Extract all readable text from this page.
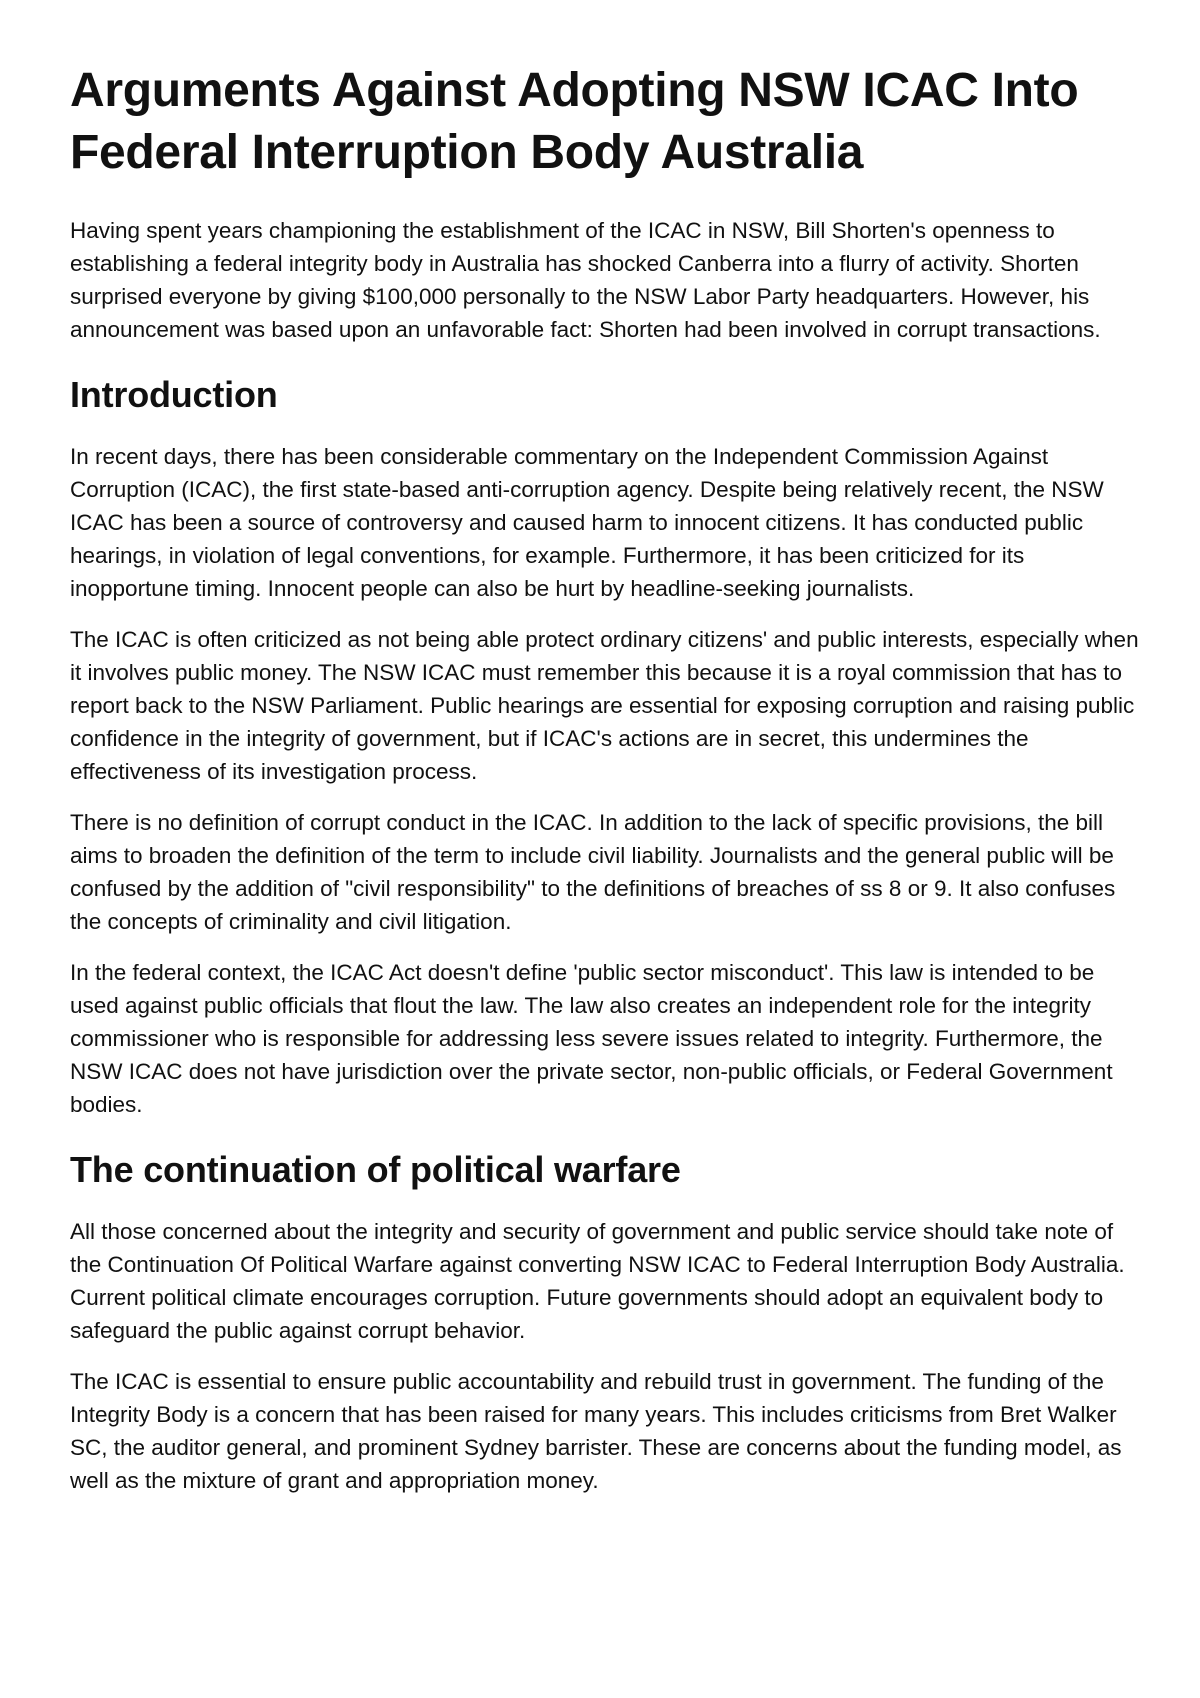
Arguments Against Adopting NSW ICAC Into Federal Interruption Body Australia

Having spent years championing the establishment of the ICAC in NSW, Bill Shorten's openness to establishing a federal integrity body in Australia has shocked Canberra into a flurry of activity. Shorten surprised everyone by giving $100,000 personally to the NSW Labor Party headquarters. However, his announcement was based upon an unfavorable fact: Shorten had been involved in corrupt transactions.

Introduction

In recent days, there has been considerable commentary on the Independent Commission Against Corruption (ICAC), the first state-based anti-corruption agency. Despite being relatively recent, the NSW ICAC has been a source of controversy and caused harm to innocent citizens. It has conducted public hearings, in violation of legal conventions, for example. Furthermore, it has been criticized for its inopportune timing. Innocent people can also be hurt by headline-seeking journalists.

The ICAC is often criticized as not being able protect ordinary citizens' and public interests, especially when it involves public money. The NSW ICAC must remember this because it is a royal commission that has to report back to the NSW Parliament. Public hearings are essential for exposing corruption and raising public confidence in the integrity of government, but if ICAC's actions are in secret, this undermines the effectiveness of its investigation process.

There is no definition of corrupt conduct in the ICAC. In addition to the lack of specific provisions, the bill aims to broaden the definition of the term to include civil liability. Journalists and the general public will be confused by the addition of "civil responsibility" to the definitions of breaches of ss 8 or 9. It also confuses the concepts of criminality and civil litigation.

In the federal context, the ICAC Act doesn't define 'public sector misconduct'. This law is intended to be used against public officials that flout the law. The law also creates an independent role for the integrity commissioner who is responsible for addressing less severe issues related to integrity. Furthermore, the NSW ICAC does not have jurisdiction over the private sector, non-public officials, or Federal Government bodies.

The continuation of political warfare

All those concerned about the integrity and security of government and public service should take note of the Continuation Of Political Warfare against converting NSW ICAC to Federal Interruption Body Australia. Current political climate encourages corruption. Future governments should adopt an equivalent body to safeguard the public against corrupt behavior.

The ICAC is essential to ensure public accountability and rebuild trust in government. The funding of the Integrity Body is a concern that has been raised for many years. This includes criticisms from Bret Walker SC, the auditor general, and prominent Sydney barrister. These are concerns about the funding model, as well as the mixture of grant and appropriation money.
